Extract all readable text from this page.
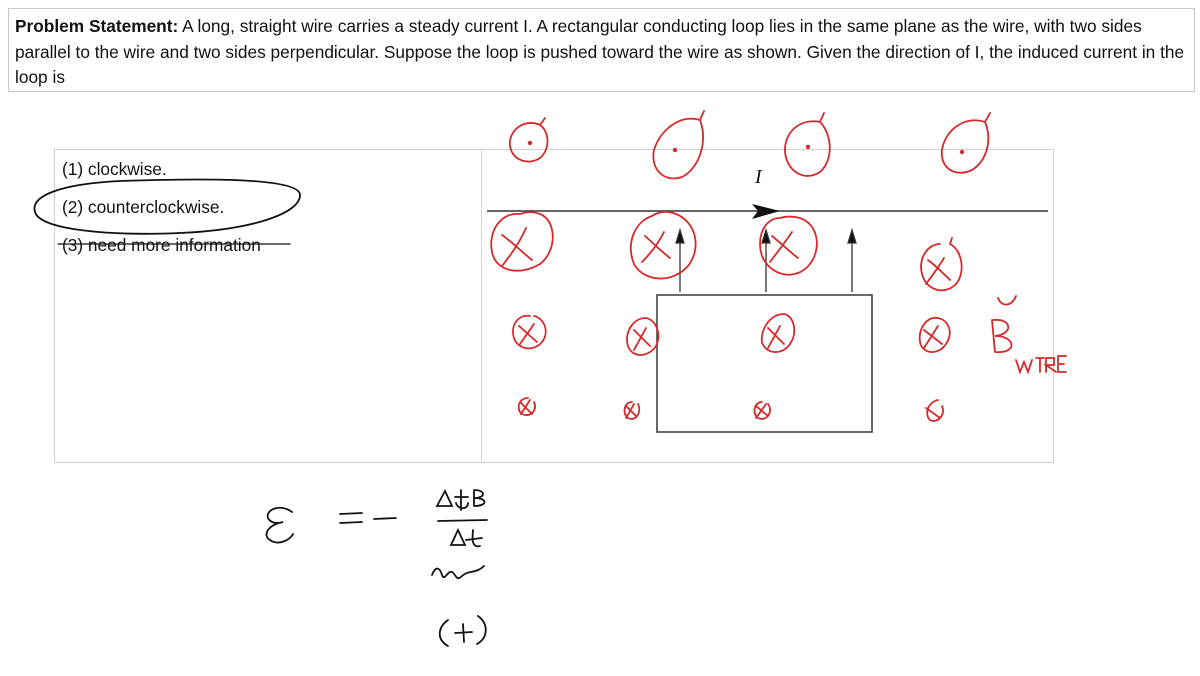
Problem Statement: A long, straight wire carries a steady current I. A rectangular conducting loop lies in the same plane as the wire, with two sides parallel to the wire and two sides perpendicular. Suppose the loop is pushed toward the wire as shown. Given the direction of I, the induced current in the loop is
(1) clockwise.
(2) counterclockwise.
(3) need more information
I
